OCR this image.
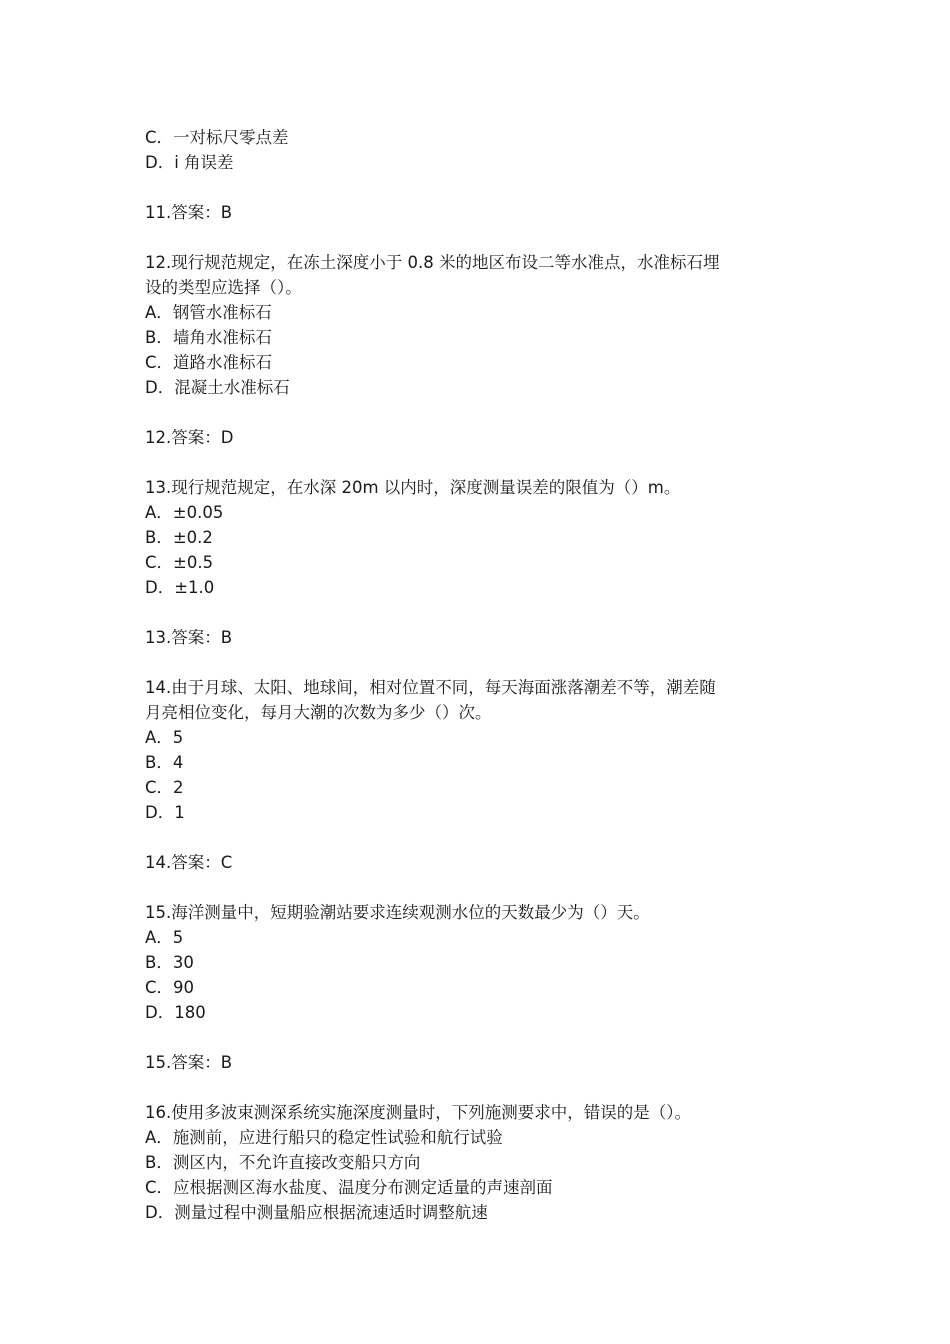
C．一对标尺零点差

D．i 角误差

11.答案：B

12.现行规范规定，在冻土深度小于 0.8 米的地区布设二等水准点，水准标石埋

设的类型应选择（）。

A．钢管水准标石

B．墙角水准标石

C．道路水准标石

D．混凝土水准标石

12.答案：D

13.现行规范规定，在水深 20m 以内时，深度测量误差的限值为（）m。

A．±0.05

B．±0.2

C．±0.5

D．±1.0

13.答案：B

14.由于月球、太阳、地球间，相对位置不同，每天海面涨落潮差不等，潮差随

月亮相位变化，每月大潮的次数为多少（）次。

A．5

B．4

C．2

D．1

14.答案：C

15.海洋测量中，短期验潮站要求连续观测水位的天数最少为（）天。

A．5

B．30

C．90

D．180

15.答案：B

16.使用多波束测深系统实施深度测量时，下列施测要求中，错误的是（）。

A．施测前，应进行船只的稳定性试验和航行试验

B．测区内，不允许直接改变船只方向

C．应根据测区海水盐度、温度分布测定适量的声速剖面

D．测量过程中测量船应根据流速适时调整航速
